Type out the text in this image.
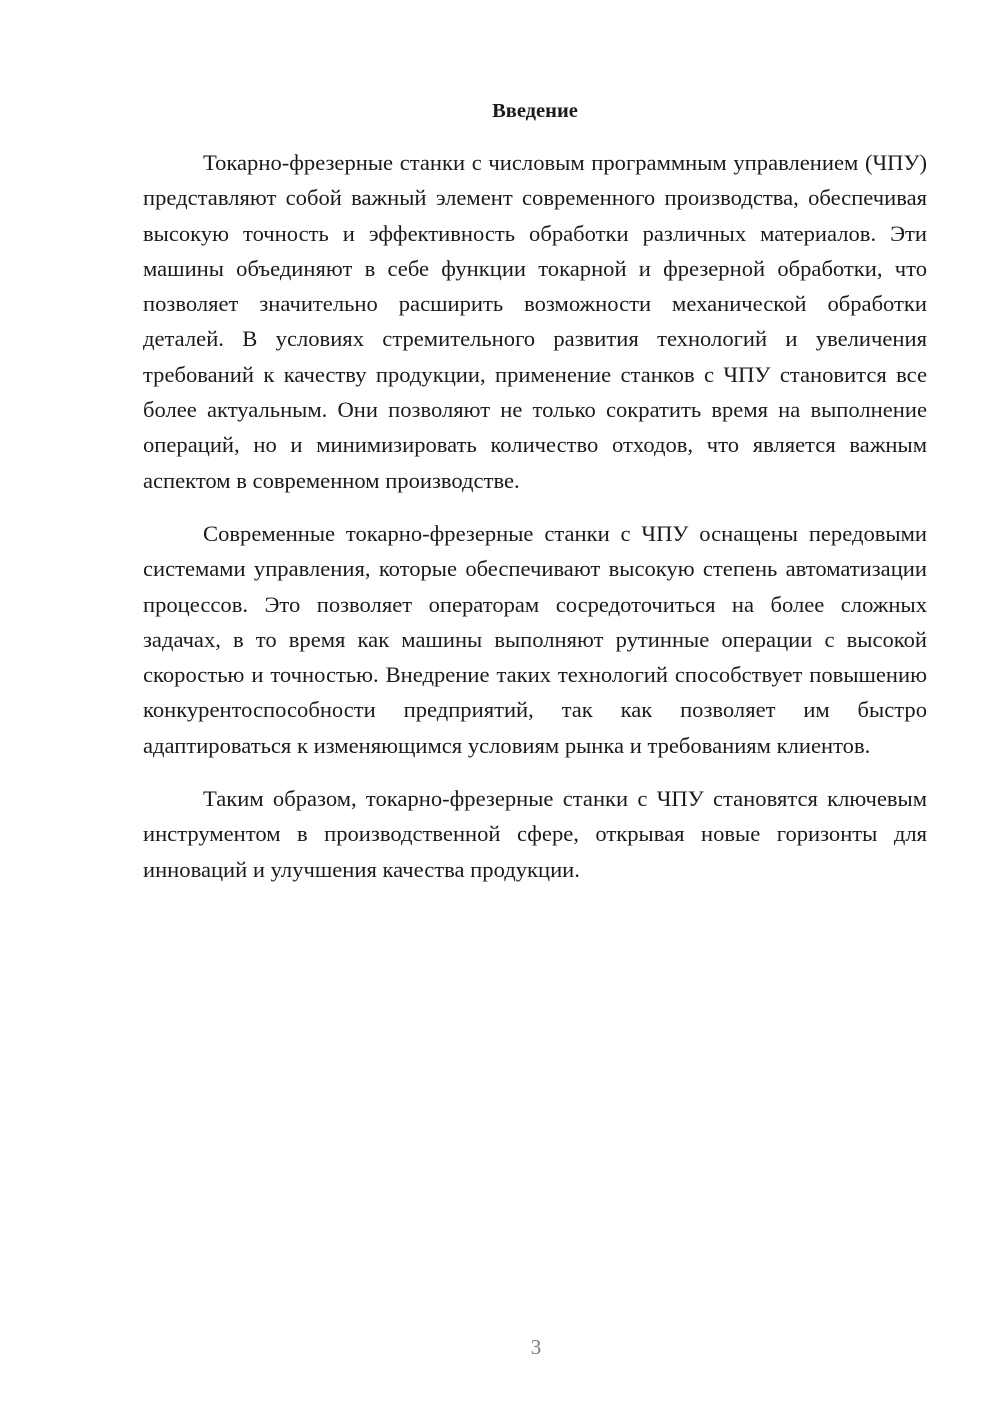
Введение

Токарно-фрезерные станки с числовым программным управлением (ЧПУ) представляют собой важный элемент современного производства, обеспечивая высокую точность и эффективность обработки различных материалов. Эти машины объединяют в себе функции токарной и фрезерной обработки, что позволяет значительно расширить возможности механической обработки деталей. В условиях стремительного развития технологий и увеличения требований к качеству продукции, применение станков с ЧПУ становится все более актуальным. Они позволяют не только сократить время на выполнение операций, но и минимизировать количество отходов, что является важным аспектом в современном производстве.

Современные токарно-фрезерные станки с ЧПУ оснащены передовыми системами управления, которые обеспечивают высокую степень автоматизации процессов. Это позволяет операторам сосредоточиться на более сложных задачах, в то время как машины выполняют рутинные операции с высокой скоростью и точностью. Внедрение таких технологий способствует повышению конкурентоспособности предприятий, так как позволяет им быстро адаптироваться к изменяющимся условиям рынка и требованиям клиентов.

Таким образом, токарно-фрезерные станки с ЧПУ становятся ключевым инструментом в производственной сфере, открывая новые горизонты для инноваций и улучшения качества продукции.

3
